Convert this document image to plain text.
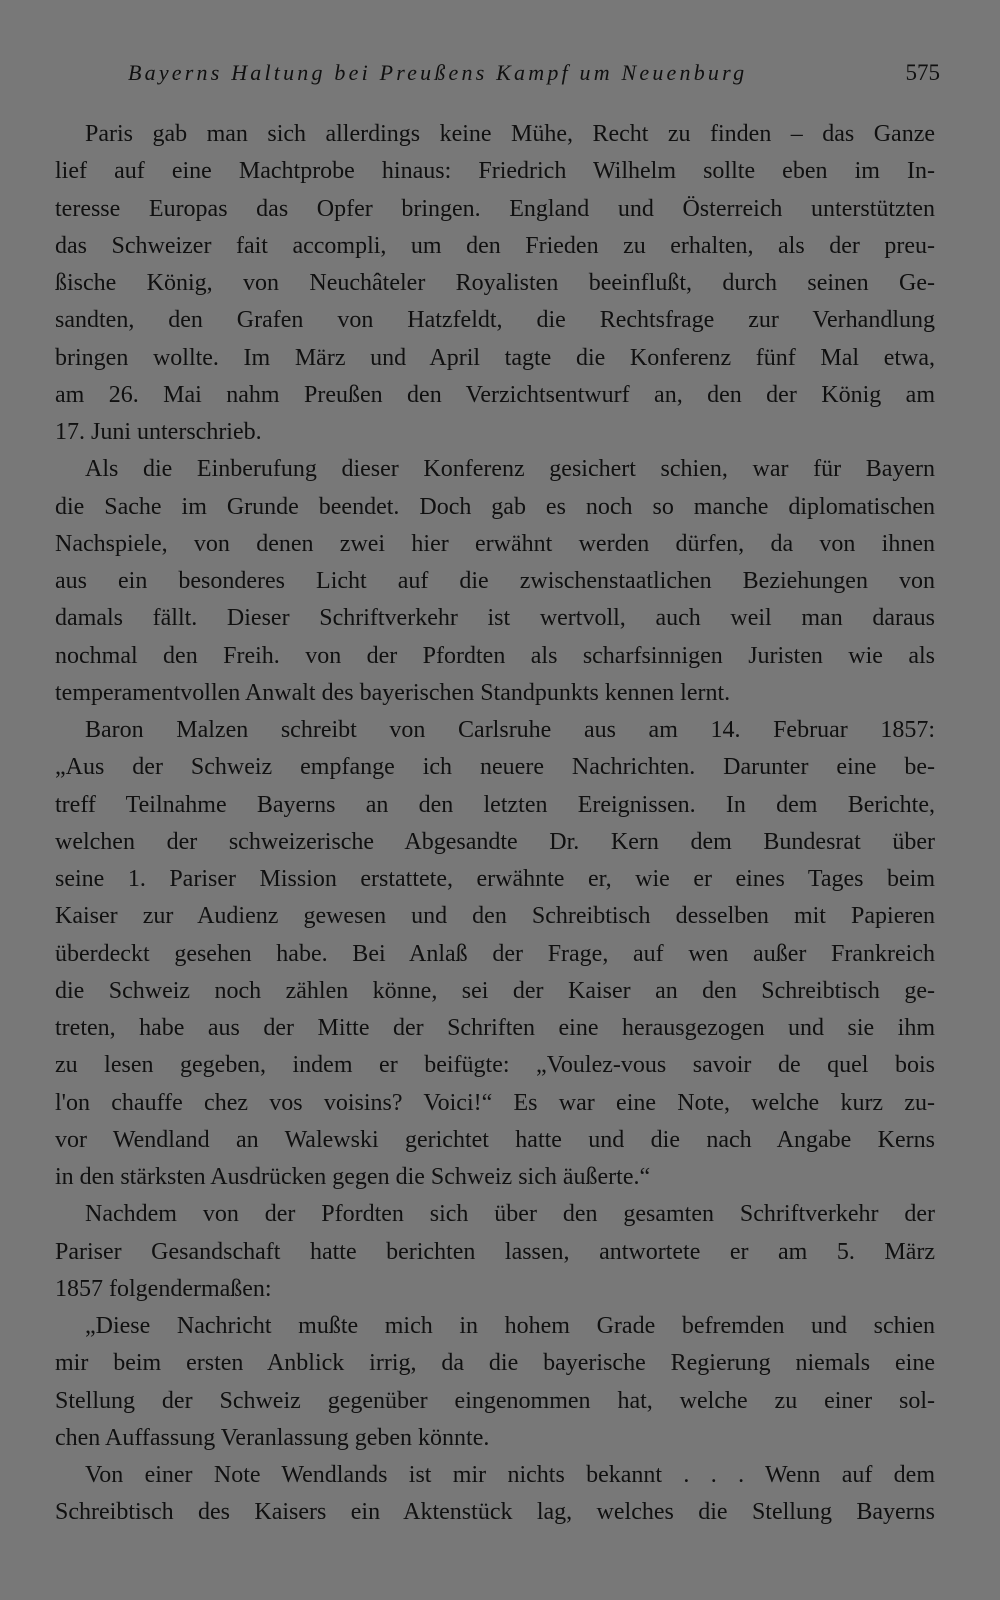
Bayerns Haltung bei Preußens Kampf um Neuenburg	575
Paris gab man sich allerdings keine Mühe, Recht zu finden – das Ganze
lief auf eine Machtprobe hinaus: Friedrich Wilhelm sollte eben im In-
teresse Europas das Opfer bringen. England und Österreich unterstützten
das Schweizer fait accompli, um den Frieden zu erhalten, als der preu-
ßische König, von Neuchâteler Royalisten beeinflußt, durch seinen Ge-
sandten, den Grafen von Hatzfeldt, die Rechtsfrage zur Verhandlung
bringen wollte. Im März und April tagte die Konferenz fünf Mal etwa,
am 26. Mai nahm Preußen den Verzichtsentwurf an, den der König am
17. Juni unterschrieb.
Als die Einberufung dieser Konferenz gesichert schien, war für Bayern
die Sache im Grunde beendet. Doch gab es noch so manche diplomatischen
Nachspiele, von denen zwei hier erwähnt werden dürfen, da von ihnen
aus ein besonderes Licht auf die zwischenstaatlichen Beziehungen von
damals fällt. Dieser Schriftverkehr ist wertvoll, auch weil man daraus
nochmal den Freih. von der Pfordten als scharfsinnigen Juristen wie als
temperamentvollen Anwalt des bayerischen Standpunkts kennen lernt.
Baron Malzen schreibt von Carlsruhe aus am 14. Februar 1857:
„Aus der Schweiz empfange ich neuere Nachrichten. Darunter eine be-
treff Teilnahme Bayerns an den letzten Ereignissen. In dem Berichte,
welchen der schweizerische Abgesandte Dr. Kern dem Bundesrat über
seine 1. Pariser Mission erstattete, erwähnte er, wie er eines Tages beim
Kaiser zur Audienz gewesen und den Schreibtisch desselben mit Papieren
überdeckt gesehen habe. Bei Anlaß der Frage, auf wen außer Frankreich
die Schweiz noch zählen könne, sei der Kaiser an den Schreibtisch ge-
treten, habe aus der Mitte der Schriften eine herausgezogen und sie ihm
zu lesen gegeben, indem er beifügte: „Voulez-vous savoir de quel bois
l'on chauffe chez vos voisins? Voici!“ Es war eine Note, welche kurz zu-
vor Wendland an Walewski gerichtet hatte und die nach Angabe Kerns
in den stärksten Ausdrücken gegen die Schweiz sich äußerte.“
Nachdem von der Pfordten sich über den gesamten Schriftverkehr der
Pariser Gesandschaft hatte berichten lassen, antwortete er am 5. März
1857 folgendermaßen:
„Diese Nachricht mußte mich in hohem Grade befremden und schien
mir beim ersten Anblick irrig, da die bayerische Regierung niemals eine
Stellung der Schweiz gegenüber eingenommen hat, welche zu einer sol-
chen Auffassung Veranlassung geben könnte.
Von einer Note Wendlands ist mir nichts bekannt . . . Wenn auf dem
Schreibtisch des Kaisers ein Aktenstück lag, welches die Stellung Bayerns
